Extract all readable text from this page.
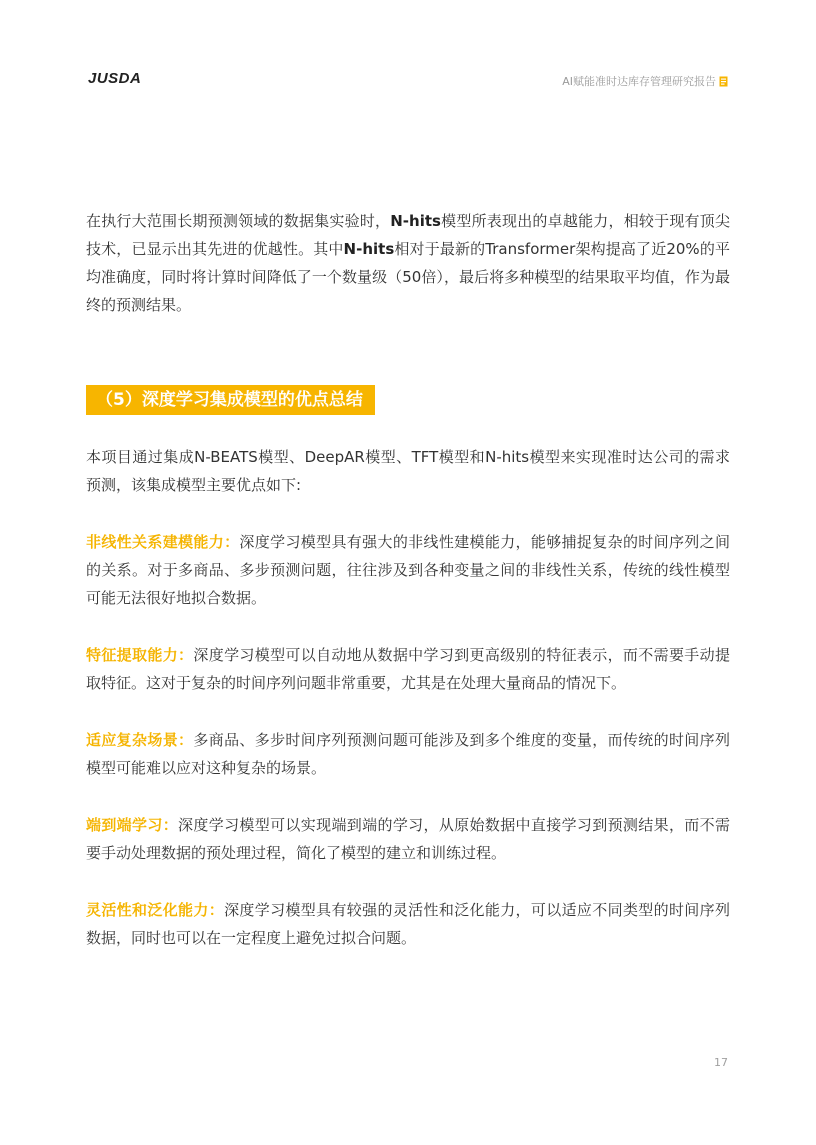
JUSDA	AI赋能准时达库存管理研究报告

在执行大范围长期预测领域的数据集实验时，N-hits模型所表现出的卓越能力，相较于现有顶尖技术，已显示出其先进的优越性。其中N-hits相对于最新的Transformer架构提高了近20%的平均准确度，同时将计算时间降低了一个数量级（50倍），最后将多种模型的结果取平均值，作为最终的预测结果。

（5）深度学习集成模型的优点总结

本项目通过集成N-BEATS模型、DeepAR模型、TFT模型和N-hits模型来实现准时达公司的需求预测，该集成模型主要优点如下:

非线性关系建模能力：深度学习模型具有强大的非线性建模能力，能够捕捉复杂的时间序列之间的关系。对于多商品、多步预测问题，往往涉及到各种变量之间的非线性关系，传统的线性模型可能无法很好地拟合数据。

特征提取能力：深度学习模型可以自动地从数据中学习到更高级别的特征表示，而不需要手动提取特征。这对于复杂的时间序列问题非常重要，尤其是在处理大量商品的情况下。

适应复杂场景：多商品、多步时间序列预测问题可能涉及到多个维度的变量，而传统的时间序列模型可能难以应对这种复杂的场景。

端到端学习：深度学习模型可以实现端到端的学习，从原始数据中直接学习到预测结果，而不需要手动处理数据的预处理过程，简化了模型的建立和训练过程。

灵活性和泛化能力：深度学习模型具有较强的灵活性和泛化能力，可以适应不同类型的时间序列数据，同时也可以在一定程度上避免过拟合问题。

17
